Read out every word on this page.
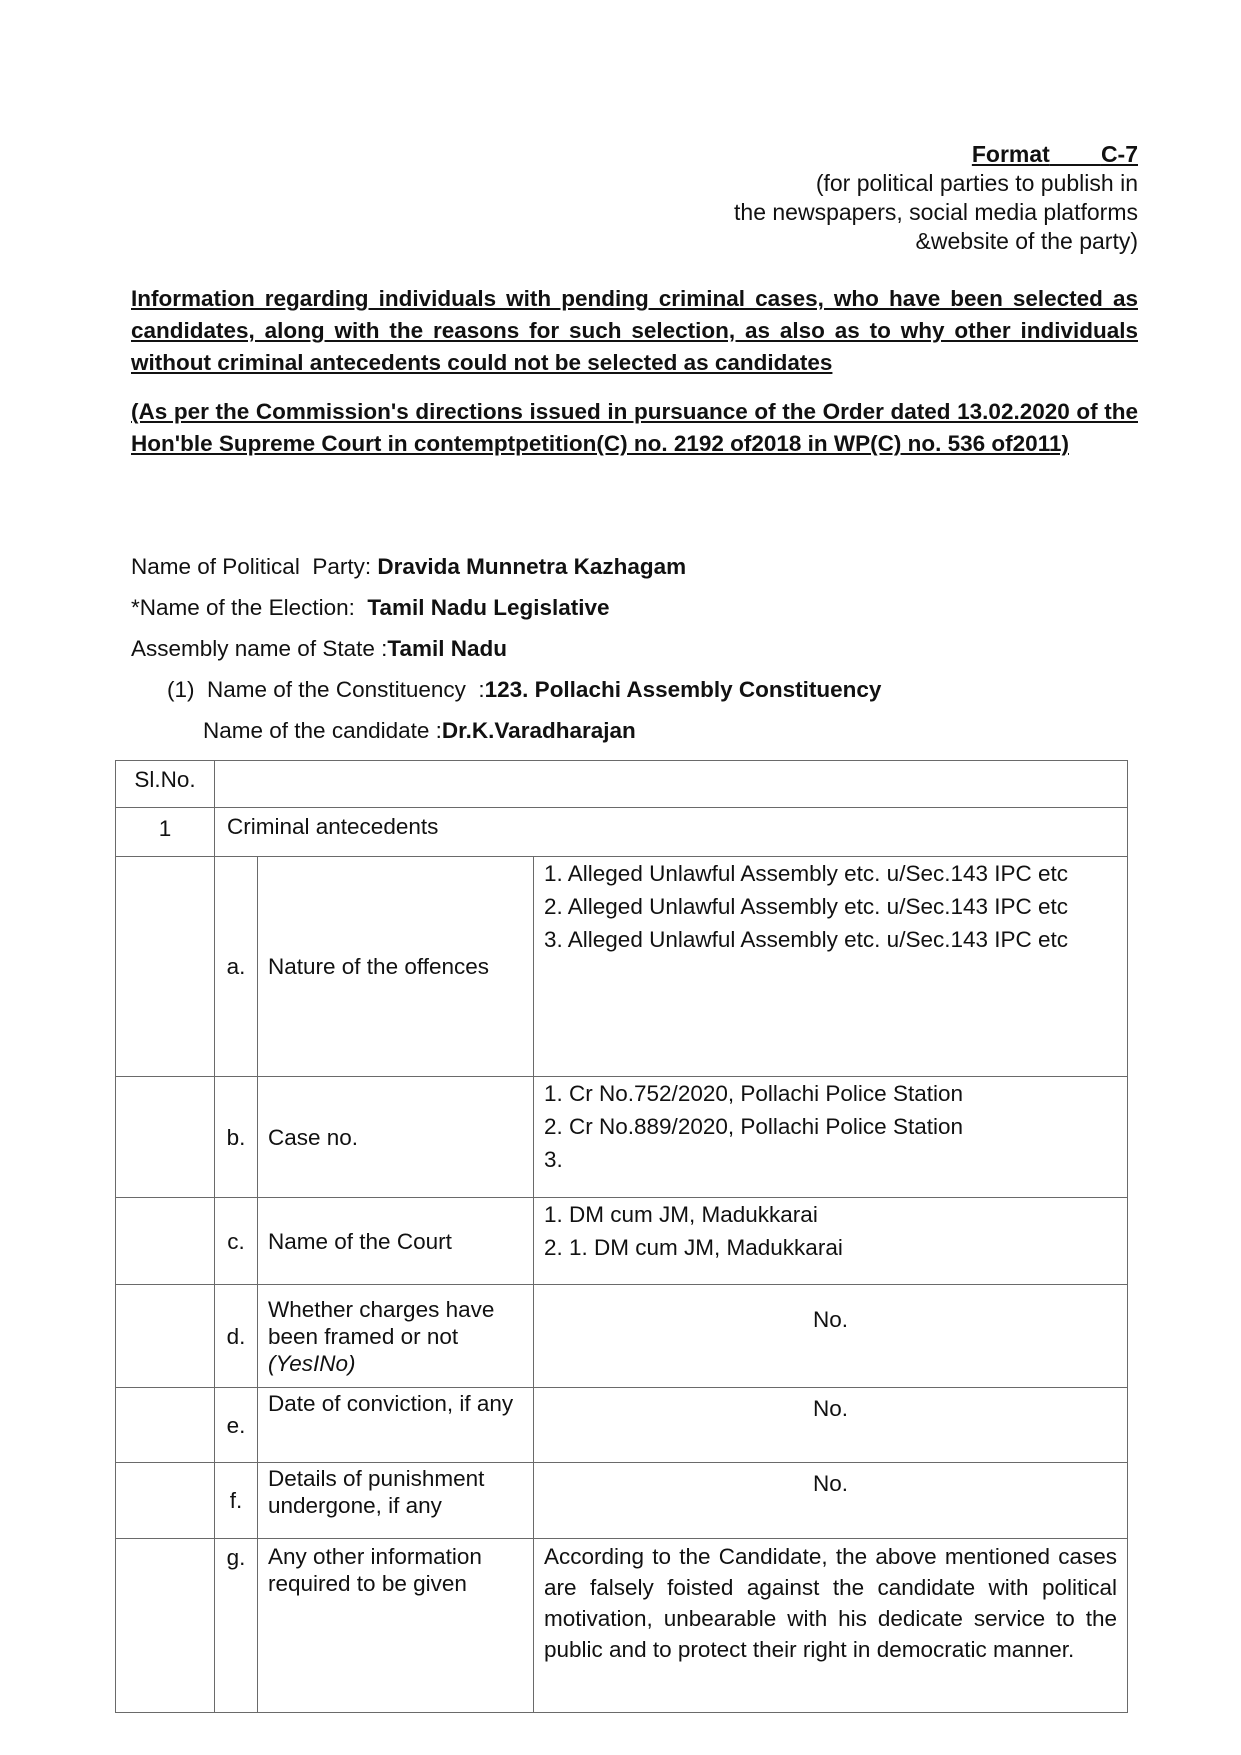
Format C-7
(for political parties to publish in
the newspapers, social media platforms
&website of the party)
Information regarding individuals with pending criminal cases, who have been selected as candidates, along with the reasons for such selection, as also as to why other individuals without criminal antecedents could not be selected as candidates
(As per the Commission's directions issued in pursuance of the Order dated 13.02.2020 of the Hon'ble Supreme Court in contemptpetition(C) no. 2192 of2018 in WP(C) no. 536 of2011)
Name of Political  Party: Dravida Munnetra Kazhagam
*Name of the Election:  Tamil Nadu Legislative
Assembly name of State :Tamil Nadu
(1)  Name of the Constituency  :123. Pollachi Assembly Constituency
Name of the candidate :Dr.K.Varadharajan
Sl.No.			
1	Criminal antecedents		
	a.	Nature of the offences	1. Alleged Unlawful Assembly etc. u/Sec.143 IPC etc
2. Alleged Unlawful Assembly etc. u/Sec.143 IPC etc
3. Alleged Unlawful Assembly etc. u/Sec.143 IPC etc

	b.	Case no.	1. Cr No.752/2020, Pollachi Police Station
2. Cr No.889/2020, Pollachi Police Station
3.

	c.	Name of the Court	1. DM cum JM, Madukkarai
2. 1. DM cum JM, Madukkarai

	d.	Whether charges have been framed or not
(YesINo)	No.
	e.	Date of conviction, if any	No.
	f.	Details of punishment undergone, if any	No.
	g.	Any other information required to be given	According to the Candidate, the above mentioned cases are falsely foisted against the candidate with political motivation, unbearable with his dedicate service to the public and to protect their right in democratic manner.
